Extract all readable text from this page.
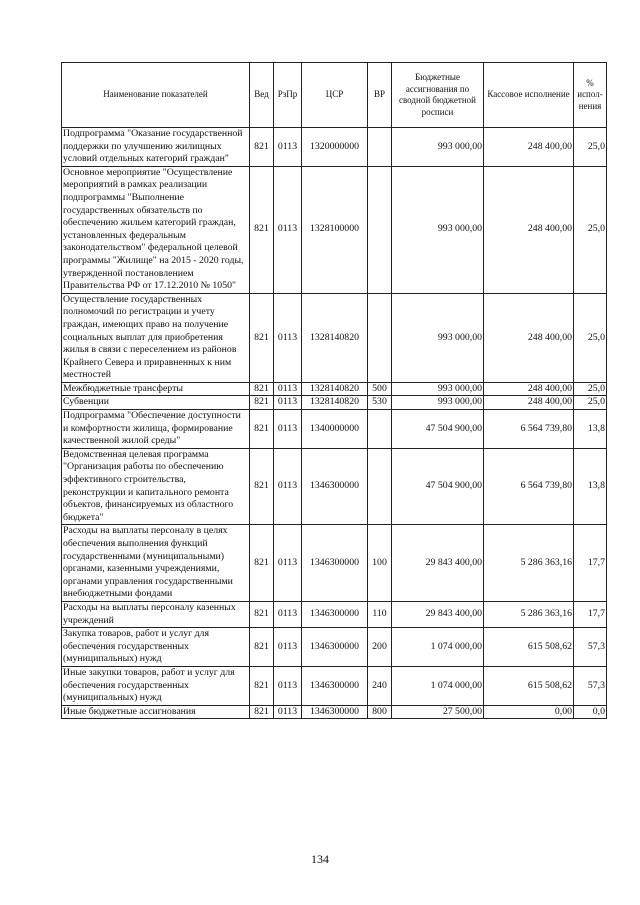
Наименование показателей	Вед	РзПр	ЦСР	ВР	Бюджетные ассигнования по сводной бюджетной росписи	Кассовое исполнение	% испол-нения
Подпрограмма "Оказание государственной поддержки по улучшению жилищных условий отдельных категорий граждан"	821	0113	1320000000		993 000,00	248 400,00	25,0
Основное мероприятие "Осуществление мероприятий в рамках реализации подпрограммы "Выполнение государственных обязательств по обеспечению жильем категорий граждан, установленных федеральным законодательством" федеральной целевой программы "Жилище" на 2015 - 2020 годы, утвержденной постановлением Правительства РФ от 17.12.2010 № 1050"	821	0113	1328100000		993 000,00	248 400,00	25,0
Осуществление государственных полномочий по регистрации и учету граждан, имеющих право на получение социальных выплат для приобретения жилья в связи с переселением из районов Крайнего Севера и приравненных к ним местностей	821	0113	1328140820		993 000,00	248 400,00	25,0
Межбюджетные трансферты	821	0113	1328140820	500	993 000,00	248 400,00	25,0
Субвенции	821	0113	1328140820	530	993 000,00	248 400,00	25,0
Подпрограмма "Обеспечение доступности и комфортности жилища, формирование качественной жилой среды"	821	0113	1340000000		47 504 900,00	6 564 739,80	13,8
Ведомственная целевая программа "Организация работы по обеспечению эффективного строительства, реконструкции и капитального ремонта объектов, финансируемых из областного бюджета"	821	0113	1346300000		47 504 900,00	6 564 739,80	13,8
Расходы на выплаты персоналу в целях обеспечения выполнения функций государственными (муниципальными) органами, казенными учреждениями, органами управления государственными внебюджетными фондами	821	0113	1346300000	100	29 843 400,00	5 286 363,16	17,7
Расходы на выплаты персоналу казенных учреждений	821	0113	1346300000	110	29 843 400,00	5 286 363,16	17,7
Закупка товаров, работ и услуг для обеспечения государственных (муниципальных) нужд	821	0113	1346300000	200	1 074 000,00	615 508,62	57,3
Иные закупки товаров, работ и услуг для обеспечения государственных (муниципальных) нужд	821	0113	1346300000	240	1 074 000,00	615 508,62	57,3
Иные бюджетные ассигнования	821	0113	1346300000	800	27 500,00	0,00	0,0
134
